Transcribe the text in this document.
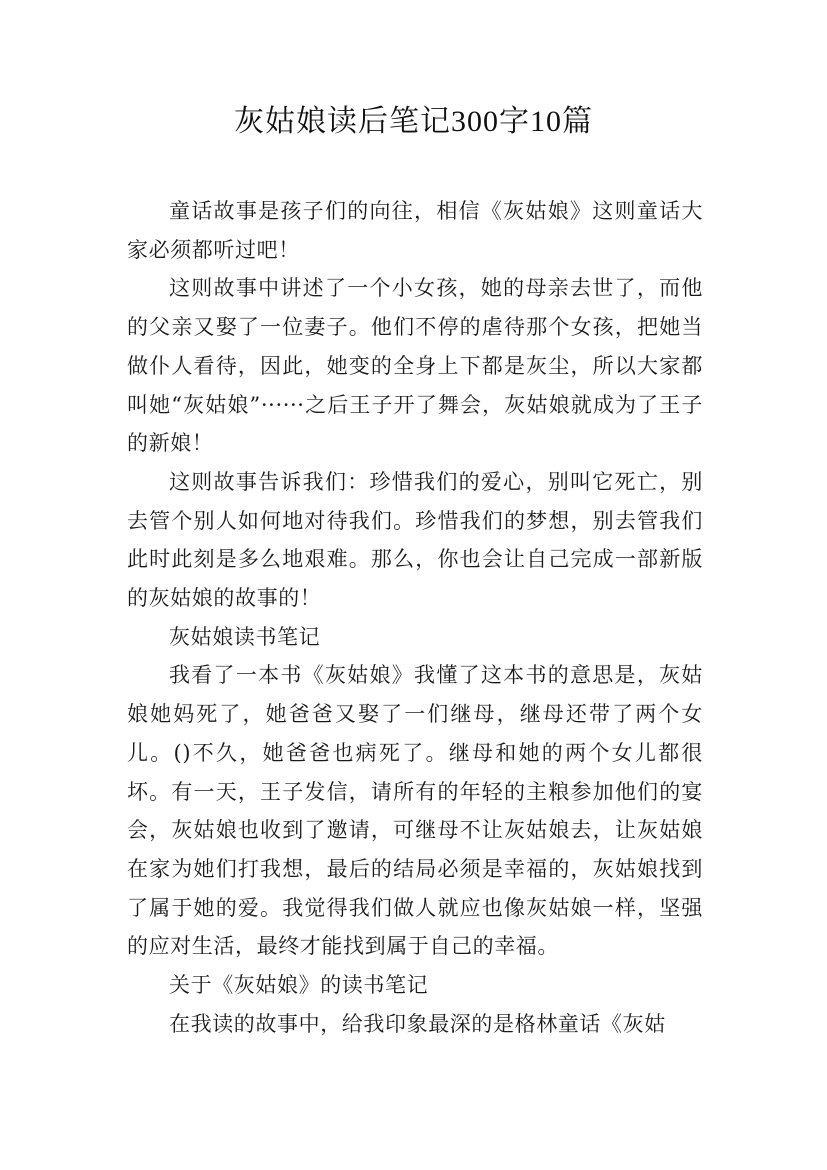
灰姑娘读后笔记300字10篇

童话故事是孩子们的向往，相信《灰姑娘》这则童话大家必须都听过吧！

这则故事中讲述了一个小女孩，她的母亲去世了，而他的父亲又娶了一位妻子。他们不停的虐待那个女孩，把她当做仆人看待，因此，她变的全身上下都是灰尘，所以大家都叫她“灰姑娘”······之后王子开了舞会，灰姑娘就成为了王子的新娘！

这则故事告诉我们：珍惜我们的爱心，别叫它死亡，别去管个别人如何地对待我们。珍惜我们的梦想，别去管我们此时此刻是多么地艰难。那么，你也会让自己完成一部新版的灰姑娘的故事的！

灰姑娘读书笔记

我看了一本书《灰姑娘》我懂了这本书的意思是，灰姑娘她妈死了，她爸爸又娶了一们继母，继母还带了两个女儿。()不久，她爸爸也病死了。继母和她的两个女儿都很坏。有一天，王子发信，请所有的年轻的主粮参加他们的宴会，灰姑娘也收到了邀请，可继母不让灰姑娘去，让灰姑娘在家为她们打我想，最后的结局必须是幸福的，灰姑娘找到了属于她的爱。我觉得我们做人就应也像灰姑娘一样，坚强的应对生活，最终才能找到属于自己的幸福。

关于《灰姑娘》的读书笔记

在我读的故事中，给我印象最深的是格林童话《灰姑
